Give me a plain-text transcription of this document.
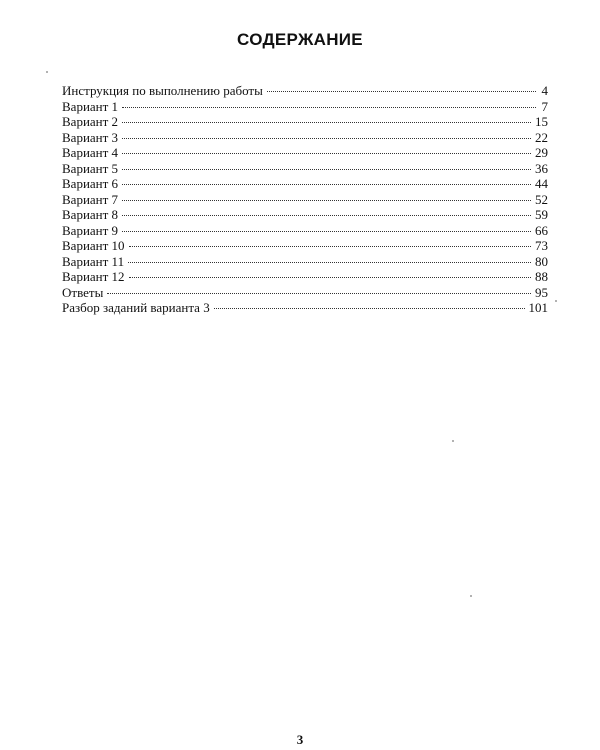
СОДЕРЖАНИЕ
Инструкция по выполнению работы	4
Вариант 1	7
Вариант 2	15
Вариант 3	22
Вариант 4	29
Вариант 5	36
Вариант 6	44
Вариант 7	52
Вариант 8	59
Вариант 9	66
Вариант 10	73
Вариант 11	80
Вариант 12	88
Ответы	95
Разбор заданий варианта 3	101
3
